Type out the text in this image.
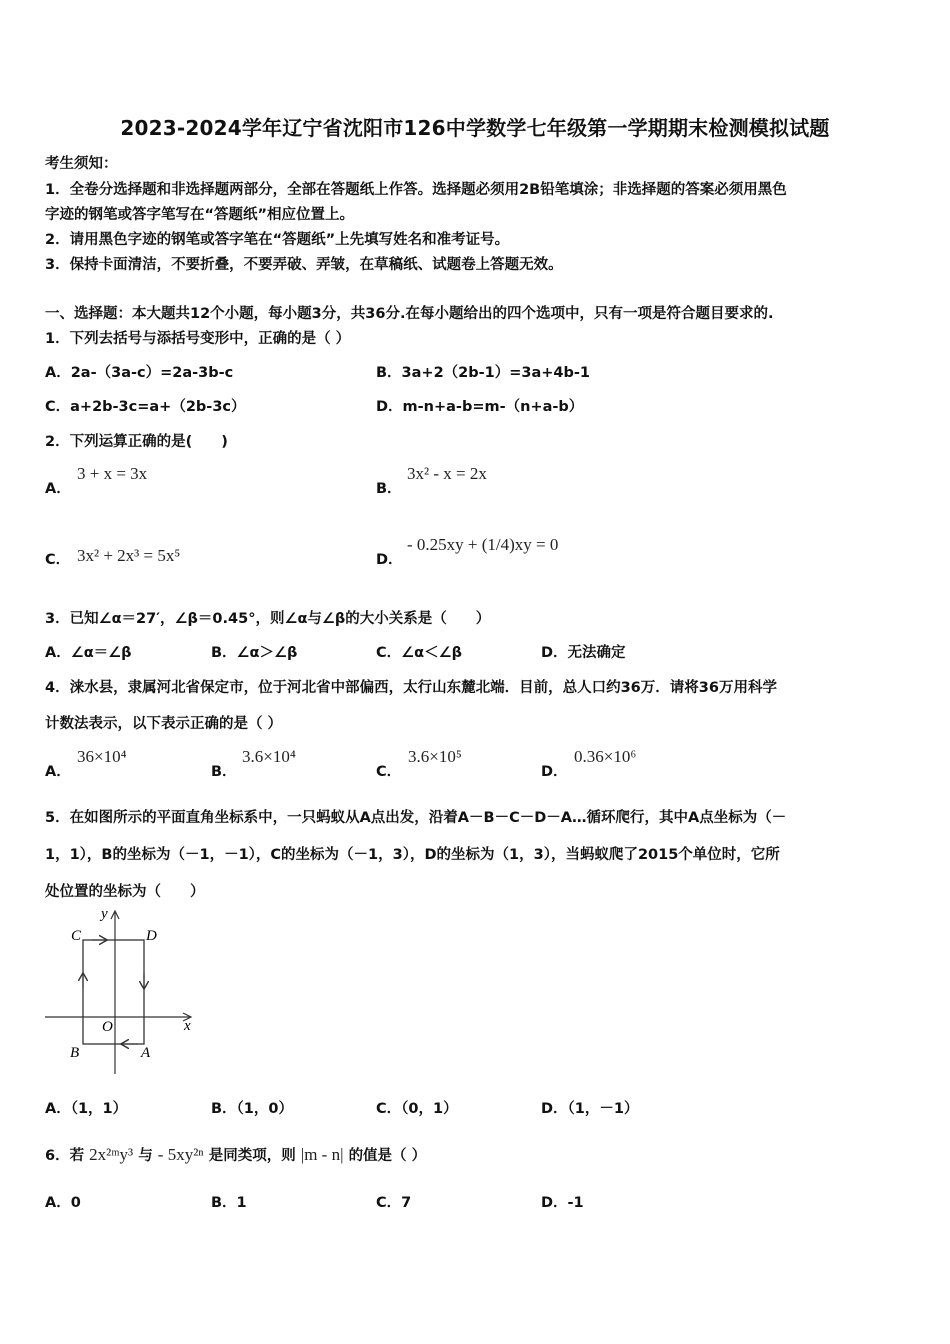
2023-2024学年辽宁省沈阳市126中学数学七年级第一学期期末检测模拟试题
考生须知：
1．全卷分选择题和非选择题两部分，全部在答题纸上作答。选择题必须用2B铅笔填涂；非选择题的答案必须用黑色
字迹的钢笔或答字笔写在“答题纸”相应位置上。
2．请用黑色字迹的钢笔或答字笔在“答题纸”上先填写姓名和准考证号。
3．保持卡面清洁，不要折叠，不要弄破、弄皱，在草稿纸、试题卷上答题无效。
一、选择题：本大题共12个小题，每小题3分，共36分.在每小题给出的四个选项中，只有一项是符合题目要求的.
1．下列去括号与添括号变形中，正确的是（ ）
A．2a-（3a-c）=2a-3b-c	B．3a+2（2b-1）=3a+4b-1
C．a+2b-3c=a+（2b-3c）	D．m-n+a-b=m-（n+a-b）
2．下列运算正确的是(　　)
A．
3 + x = 3x
B．
3x² - x = 2x
C． 3x² + 2x³ = 5x⁵	D．
- 0.25xy + (1/4)xy = 0
3．已知∠α＝27′，∠β＝0.45°，则∠α与∠β的大小关系是（　　）
A．∠α＝∠β	B．∠α＞∠β	C．∠α＜∠β	D．无法确定
4．涞水县，隶属河北省保定市，位于河北省中部偏西，太行山东麓北端．目前，总人口约36万．请将36万用科学
计数法表示，以下表示正确的是（ ）
A．
36×10⁴
B．
3.6×10⁴
C．
3.6×10⁵
D．
0.36×10⁶
5．在如图所示的平面直角坐标系中，一只蚂蚁从A点出发，沿着A－B－C－D－A…循环爬行，其中A点坐标为（－
1，1），B的坐标为（－1，－1），C的坐标为（－1，3），D的坐标为（1，3），当蚂蚁爬了2015个单位时，它所
处位置的坐标为（　　）
y
x
O
A
B
C	D
A．（1，1）	B．（1，0）	C．（0，1）	D．（1，－1）
6．若 2x²ᵐy³ 与 - 5xy²ⁿ 是同类项，则 |m - n| 的值是（ ）
A．0	B．1	C．7	D．-1
